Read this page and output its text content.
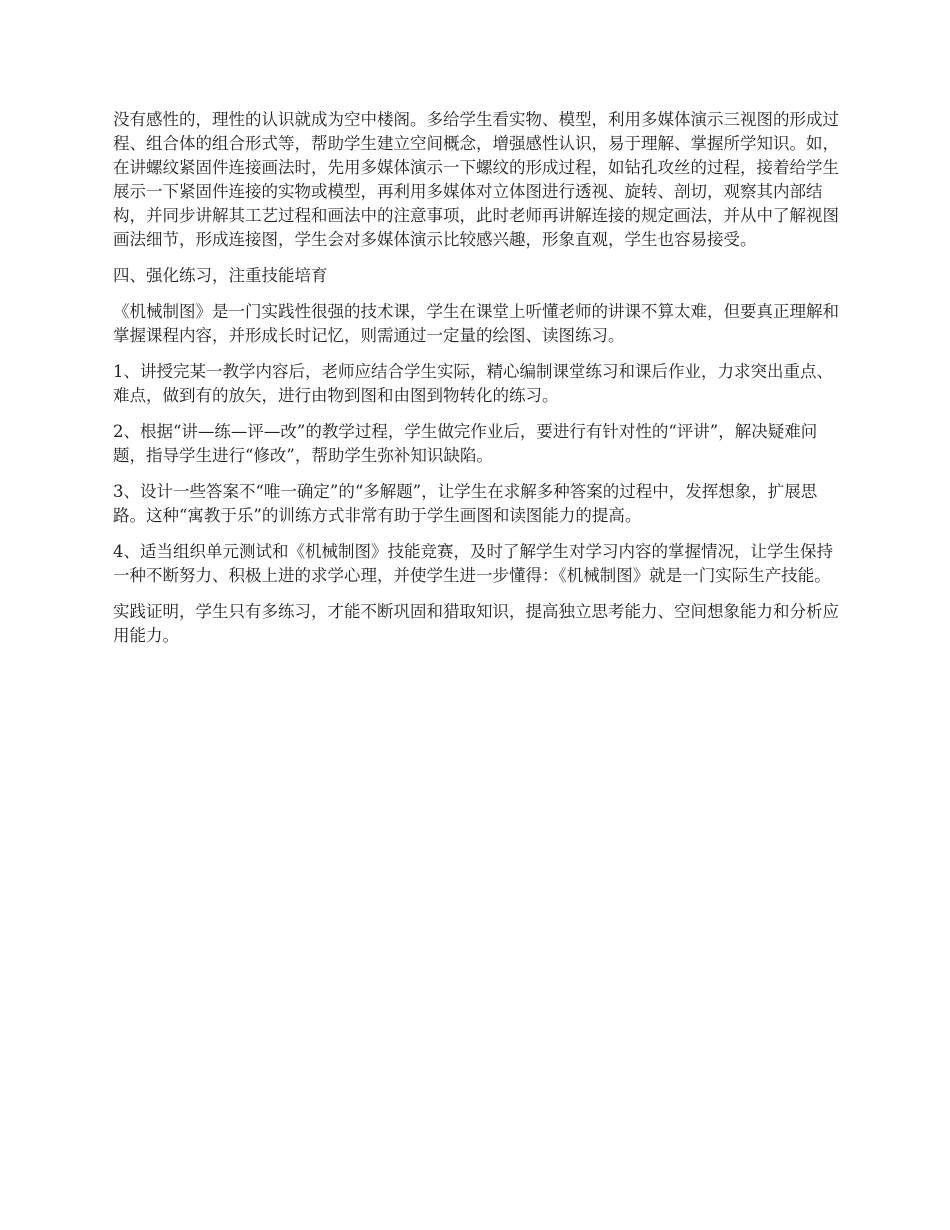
没有感性的，理性的认识就成为空中楼阁。多给学生看实物、模型，利用多媒体演示三视图的形成过程、组合体的组合形式等，帮助学生建立空间概念，增强感性认识，易于理解、掌握所学知识。如，在讲螺纹紧固件连接画法时，先用多媒体演示一下螺纹的形成过程，如钻孔攻丝的过程，接着给学生展示一下紧固件连接的实物或模型，再利用多媒体对立体图进行透视、旋转、剖切，观察其内部结构，并同步讲解其工艺过程和画法中的注意事项，此时老师再讲解连接的规定画法，并从中了解视图画法细节，形成连接图，学生会对多媒体演示比较感兴趣，形象直观，学生也容易接受。

四、强化练习，注重技能培育

《机械制图》是一门实践性很强的技术课，学生在课堂上听懂老师的讲课不算太难，但要真正理解和掌握课程内容，并形成长时记忆，则需通过一定量的绘图、读图练习。

1、讲授完某一教学内容后，老师应结合学生实际，精心编制课堂练习和课后作业，力求突出重点、难点，做到有的放矢，进行由物到图和由图到物转化的练习。

2、根据“讲—练—评—改”的教学过程，学生做完作业后，要进行有针对性的“评讲”，解决疑难问题，指导学生进行“修改”，帮助学生弥补知识缺陷。

3、设计一些答案不“唯一确定”的“多解题”，让学生在求解多种答案的过程中，发挥想象，扩展思路。这种“寓教于乐”的训练方式非常有助于学生画图和读图能力的提高。

4、适当组织单元测试和《机械制图》技能竞赛，及时了解学生对学习内容的掌握情况，让学生保持一种不断努力、积极上进的求学心理，并使学生进一步懂得：《机械制图》就是一门实际生产技能。

实践证明，学生只有多练习，才能不断巩固和猎取知识，提高独立思考能力、空间想象能力和分析应用能力。
